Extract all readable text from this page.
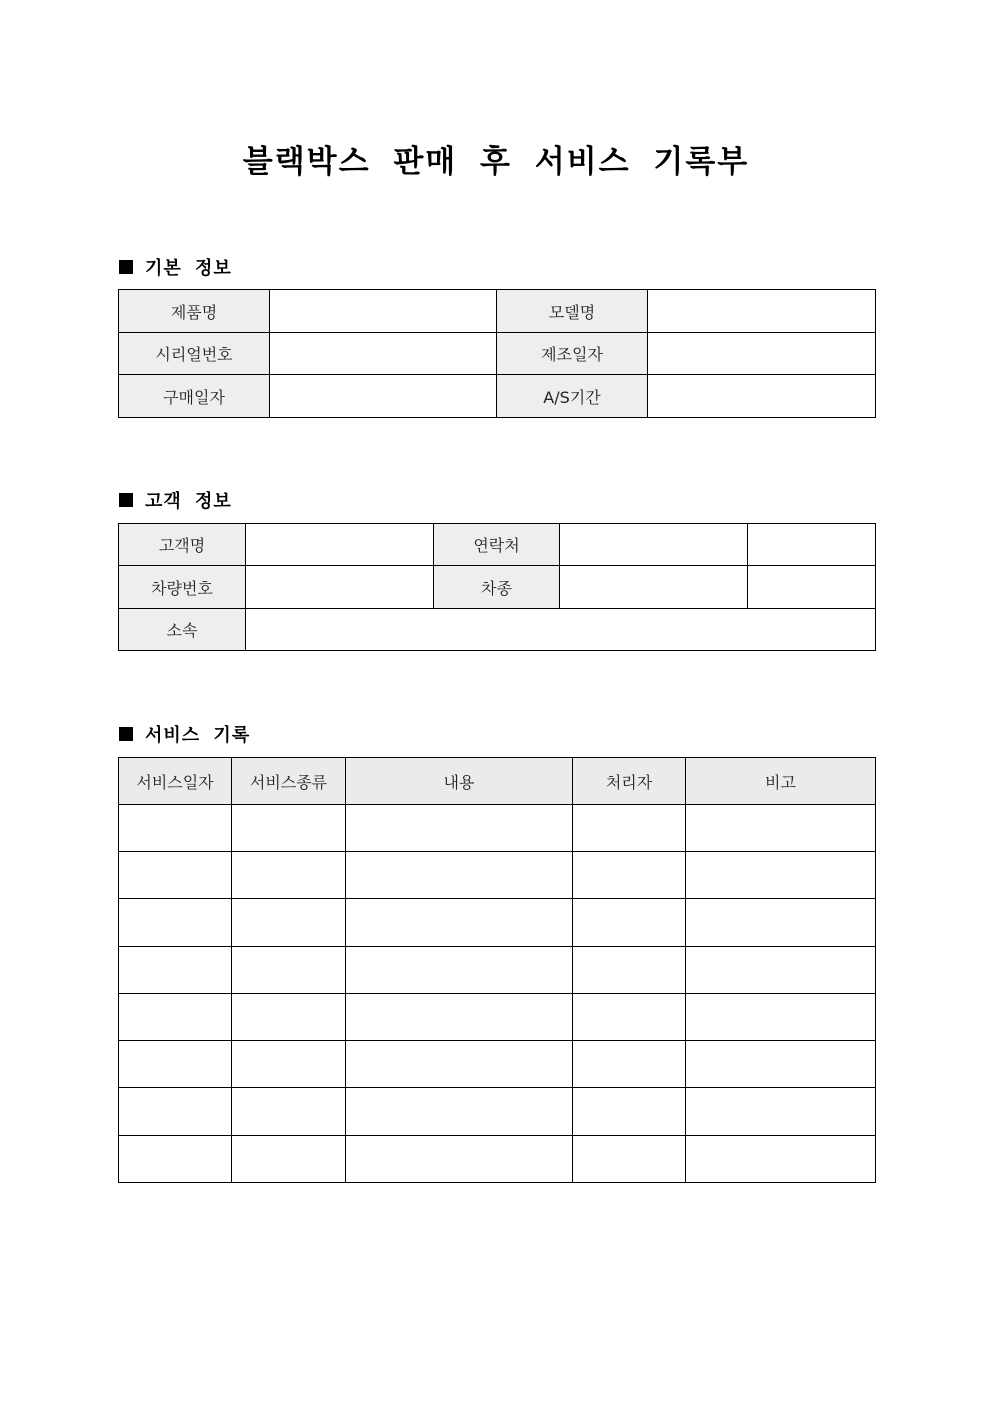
블랙박스 판매 후 서비스 기록부
기본 정보
제품명		모델명	
시리얼번호		제조일자	
구매일자		A/S기간	
고객 정보
고객명		연락처		
차량번호		차종		
소속				
서비스 기록
서비스일자	서비스종류	내용	처리자	비고
